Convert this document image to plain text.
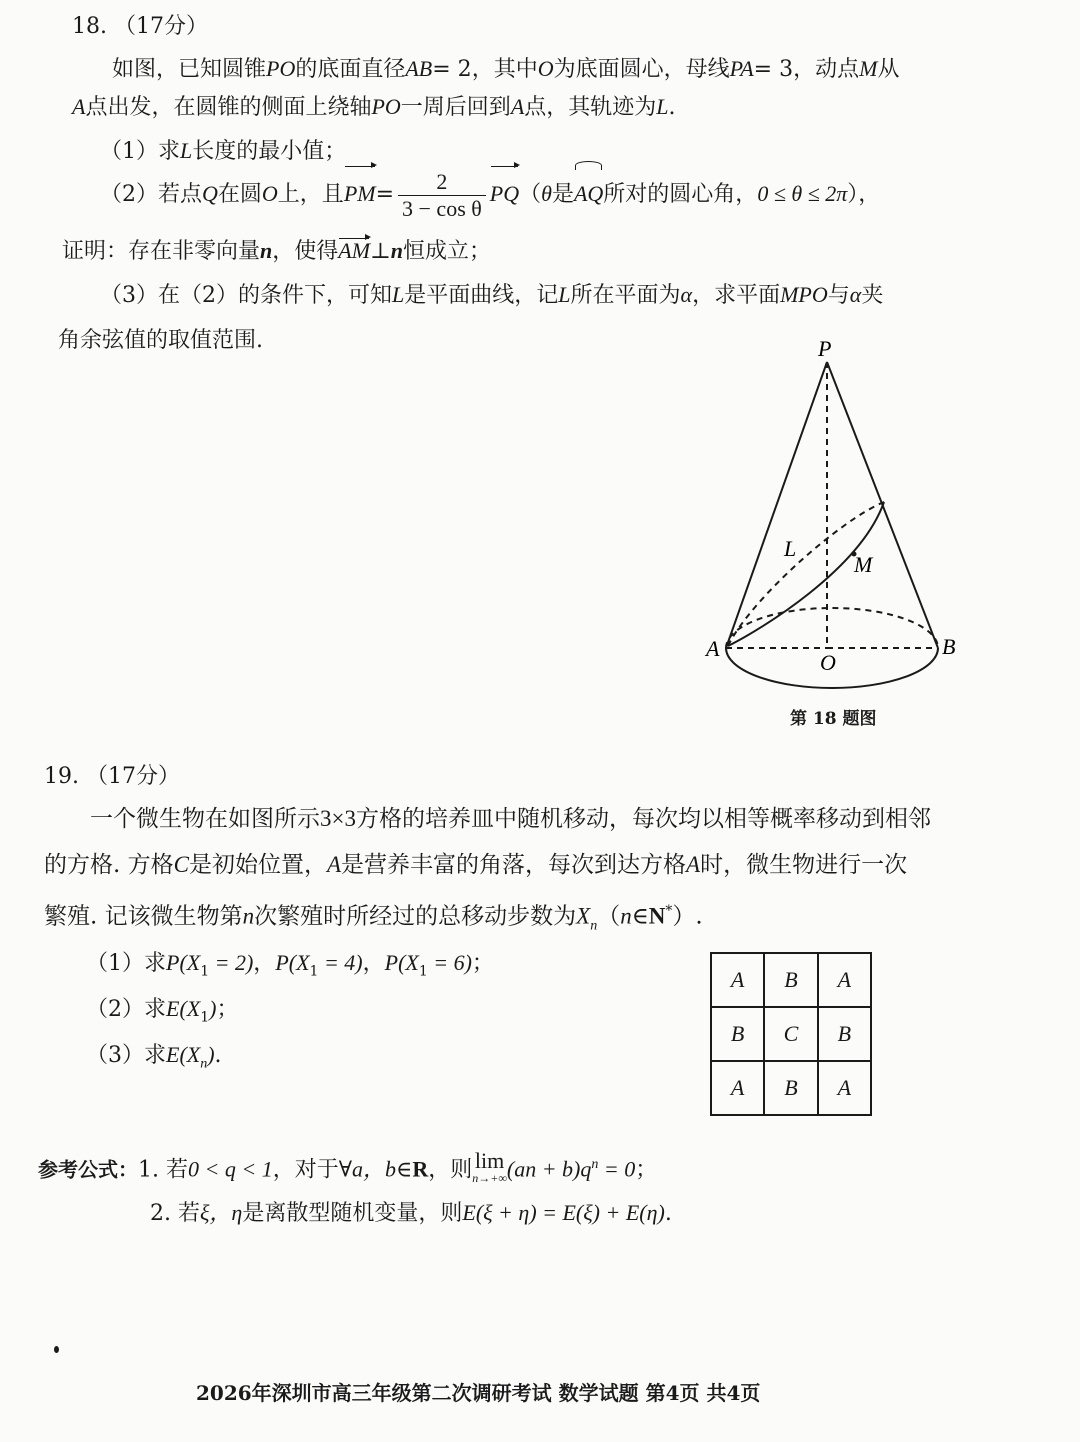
18. （17分）
如图，已知圆锥PO的底面直径AB= 2，其中O为底面圆心，母线PA= 3，动点M从
A点出发，在圆锥的侧面上绕轴PO一周后回到A点，其轨迹为L.
（1）求L长度的最小值；
（2）若点Q在圆O上，且$PM= \frac{2}{\text{3 − cos θ}} PQ(\theta$是AQ所对的圆心角，0 ≤ θ ≤ 2π），
证明：存在非零向量n，使得AM⊥n恒成立；
（3）在（2）的条件下，可知L是平面曲线，记L所在平面为α，求平面MPO与α夹
角余弦值的取值范围.	P
A	B
O
L
M
第 18 题图
19. （17分）
一个微生物在如图所示3×3方格的培养皿中随机移动，每次均以相等概率移动到相邻
的方格. 方格C是初始位置，A是营养丰富的角落，每次到达方格A时，微生物进行一次
繁殖. 记该微生物第n次繁殖时所经过的总移动步数为$X_n(n\in N^*)$.
（1）求$P(X_1 = 2)$，$P(X_1 = 4)$，$P(X_1 = 6)$；
（2）求$E(X_1)$；
（3）求$E(X_n)$.
A	B	A
B	C	B
A	B	A
参考公式：1. 若0 < q < 1，对于∀a，b∈R，则 lim
n→+∞ $(an + b)q^n = 0$；
2. 若ξ，η是离散型随机变量，则E(ξ + η) = E(ξ) + E(η).
2026年深圳市高三年级第二次调研考试 数学试题 第4页 共4页
